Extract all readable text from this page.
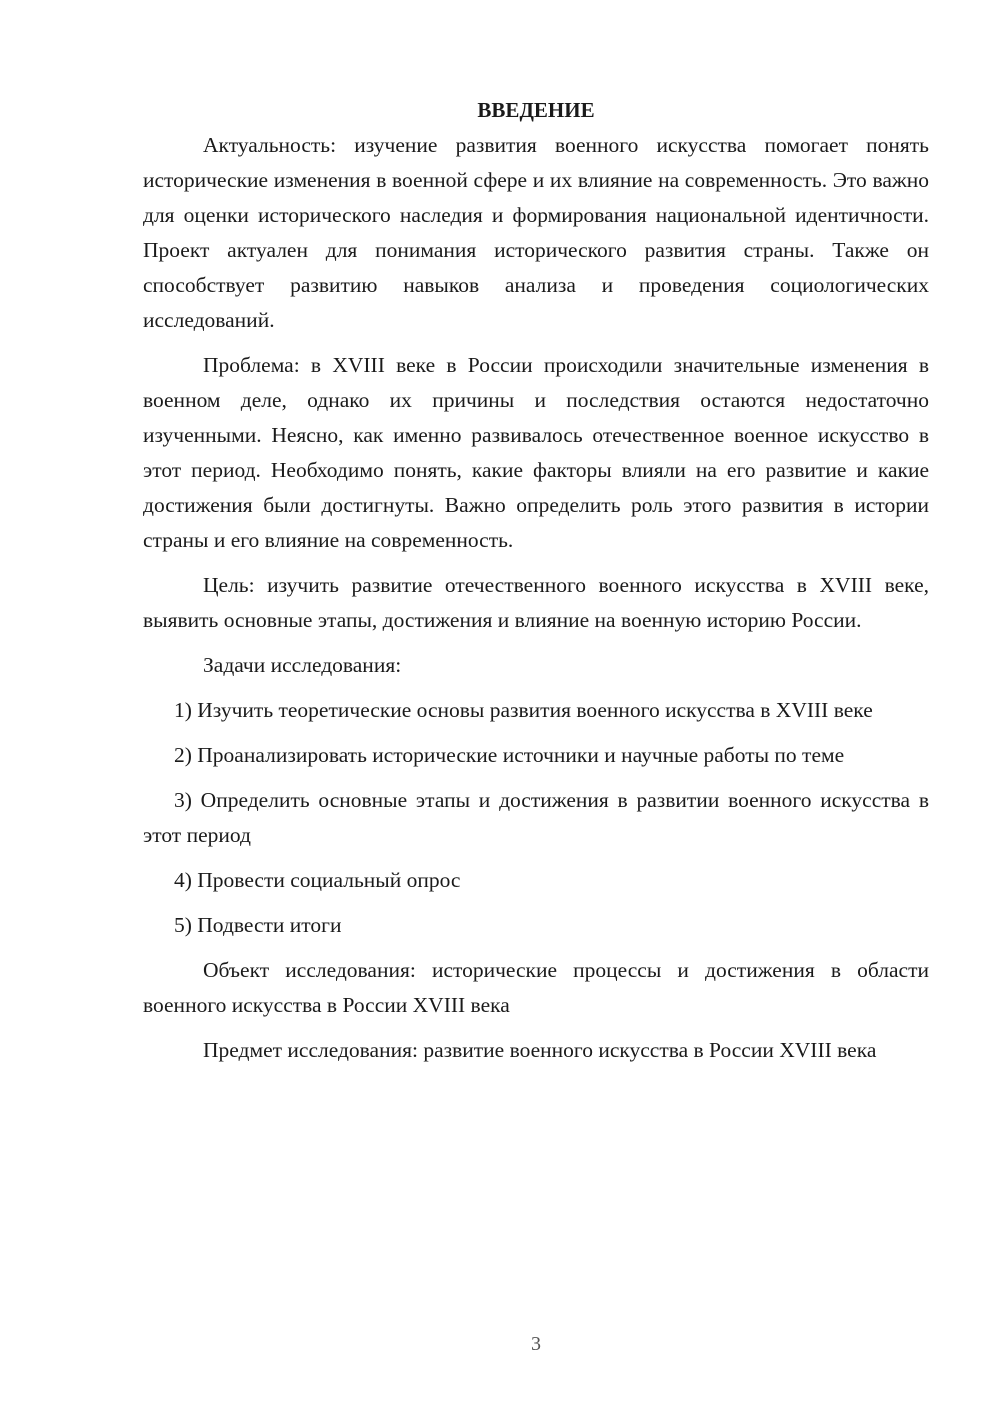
ВВЕДЕНИЕ

Актуальность: изучение развития военного искусства помогает понять исторические изменения в военной сфере и их влияние на современность. Это важно для оценки исторического наследия и формирования национальной идентичности. Проект актуален для понимания исторического развития страны. Также он способствует развитию навыков анализа и проведения социологических исследований.

Проблема: в XVIII веке в России происходили значительные изменения в военном деле, однако их причины и последствия остаются недостаточно изученными. Неясно, как именно развивалось отечественное военное искусство в этот период. Необходимо понять, какие факторы влияли на его развитие и какие достижения были достигнуты. Важно определить роль этого развития в истории страны и его влияние на современность.

Цель: изучить развитие отечественного военного искусства в XVIII веке, выявить основные этапы, достижения и влияние на военную историю России.

Задачи исследования:

1) Изучить теоретические основы развития военного искусства в XVIII веке

2) Проанализировать исторические источники и научные работы по теме

3) Определить основные этапы и достижения в развитии военного искусства в этот период

4) Провести социальный опрос

5) Подвести итоги

Объект исследования: исторические процессы и достижения в области военного искусства в России XVIII века

Предмет исследования: развитие военного искусства в России XVIII века

3
